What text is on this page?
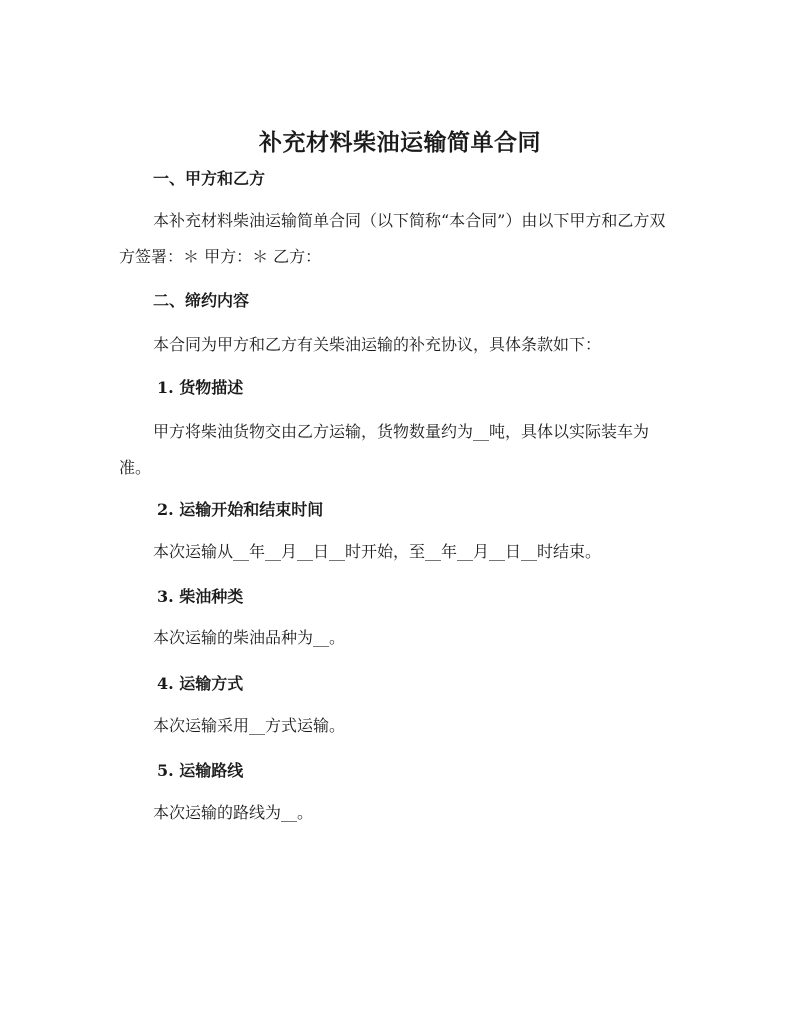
补充材料柴油运输简单合同
一、甲方和乙方
本补充材料柴油运输简单合同（以下简称“本合同”）由以下甲方和乙方双方签署：＊ 甲方：＊ 乙方：
二、缔约内容
本合同为甲方和乙方有关柴油运输的补充协议，具体条款如下：
1. 货物描述
甲方将柴油货物交由乙方运输，货物数量约为__吨，具体以实际装车为准。
2. 运输开始和结束时间
本次运输从__年__月__日__时开始，至__年__月__日__时结束。
3. 柴油种类
本次运输的柴油品种为__。
4. 运输方式
本次运输采用__方式运输。
5. 运输路线
本次运输的路线为__。
